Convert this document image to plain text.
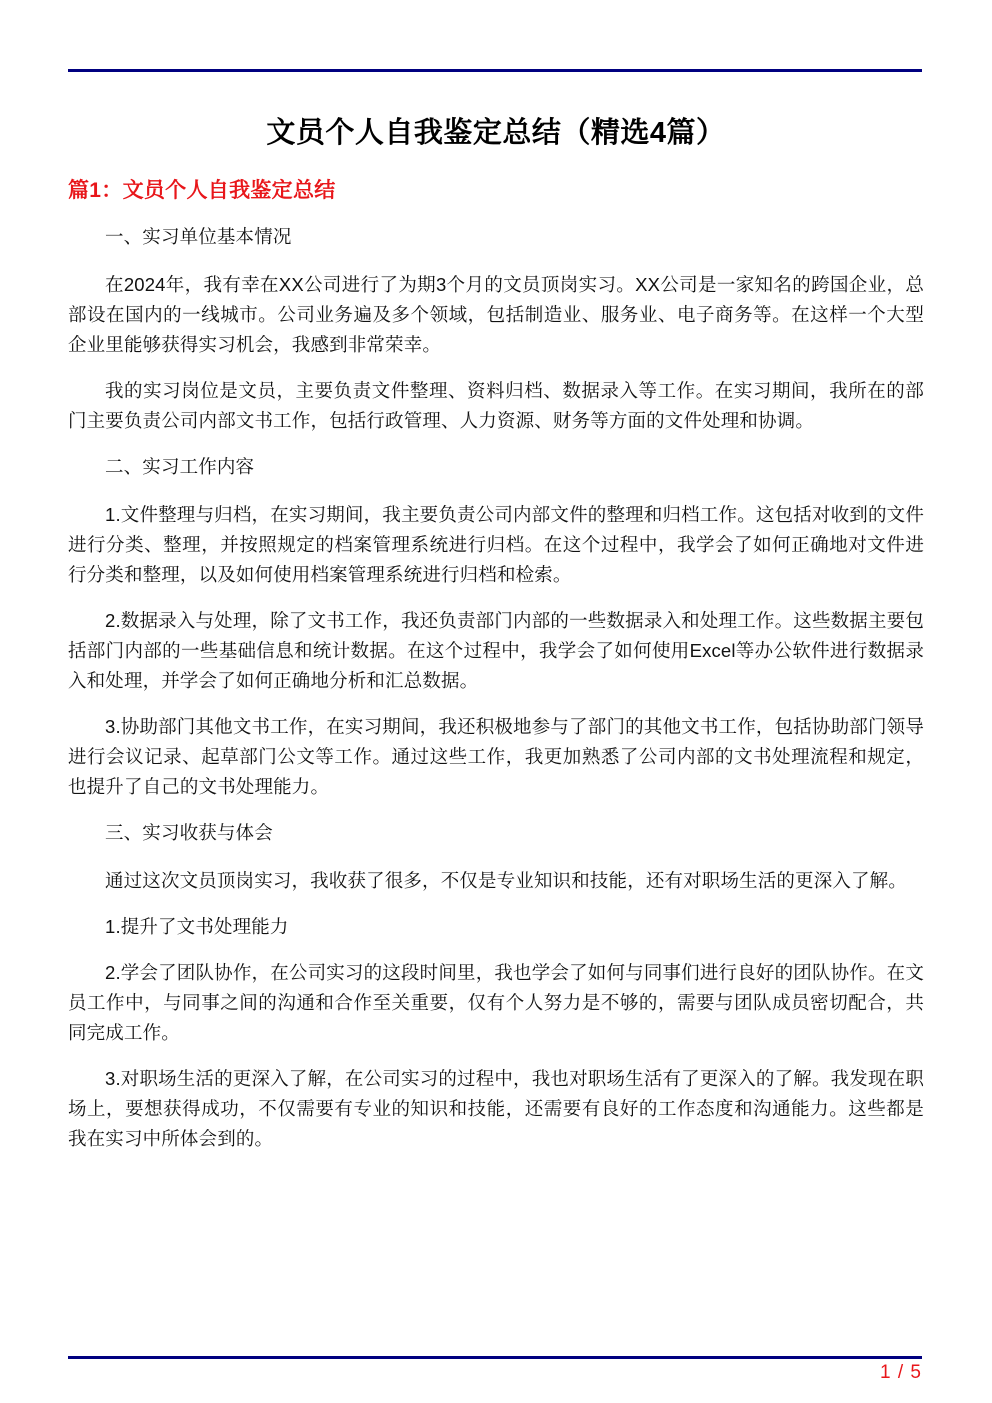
文员个人自我鉴定总结（精选4篇）
篇1：文员个人自我鉴定总结

一、实习单位基本情况

在2024年，我有幸在XX公司进行了为期3个月的文员顶岗实习。XX公司是一家知名的跨国企业，总部设在国内的一线城市。公司业务遍及多个领域，包括制造业、服务业、电子商务等。在这样一个大型企业里能够获得实习机会，我感到非常荣幸。

我的实习岗位是文员，主要负责文件整理、资料归档、数据录入等工作。在实习期间，我所在的部门主要负责公司内部文书工作，包括行政管理、人力资源、财务等方面的文件处理和协调。

二、实习工作内容

1.文件整理与归档，在实习期间，我主要负责公司内部文件的整理和归档工作。这包括对收到的文件进行分类、整理，并按照规定的档案管理系统进行归档。在这个过程中，我学会了如何正确地对文件进行分类和整理，以及如何使用档案管理系统进行归档和检索。

2.数据录入与处理，除了文书工作，我还负责部门内部的一些数据录入和处理工作。这些数据主要包括部门内部的一些基础信息和统计数据。在这个过程中，我学会了如何使用Excel等办公软件进行数据录入和处理，并学会了如何正确地分析和汇总数据。

3.协助部门其他文书工作，在实习期间，我还积极地参与了部门的其他文书工作，包括协助部门领导进行会议记录、起草部门公文等工作。通过这些工作，我更加熟悉了公司内部的文书处理流程和规定，也提升了自己的文书处理能力。

三、实习收获与体会

通过这次文员顶岗实习，我收获了很多，不仅是专业知识和技能，还有对职场生活的更深入了解。

1.提升了文书处理能力

2.学会了团队协作，在公司实习的这段时间里，我也学会了如何与同事们进行良好的团队协作。在文员工作中，与同事之间的沟通和合作至关重要，仅有个人努力是不够的，需要与团队成员密切配合，共同完成工作。

3.对职场生活的更深入了解，在公司实习的过程中，我也对职场生活有了更深入的了解。我发现在职场上，要想获得成功，不仅需要有专业的知识和技能，还需要有良好的工作态度和沟通能力。这些都是我在实习中所体会到的。

1 / 5
